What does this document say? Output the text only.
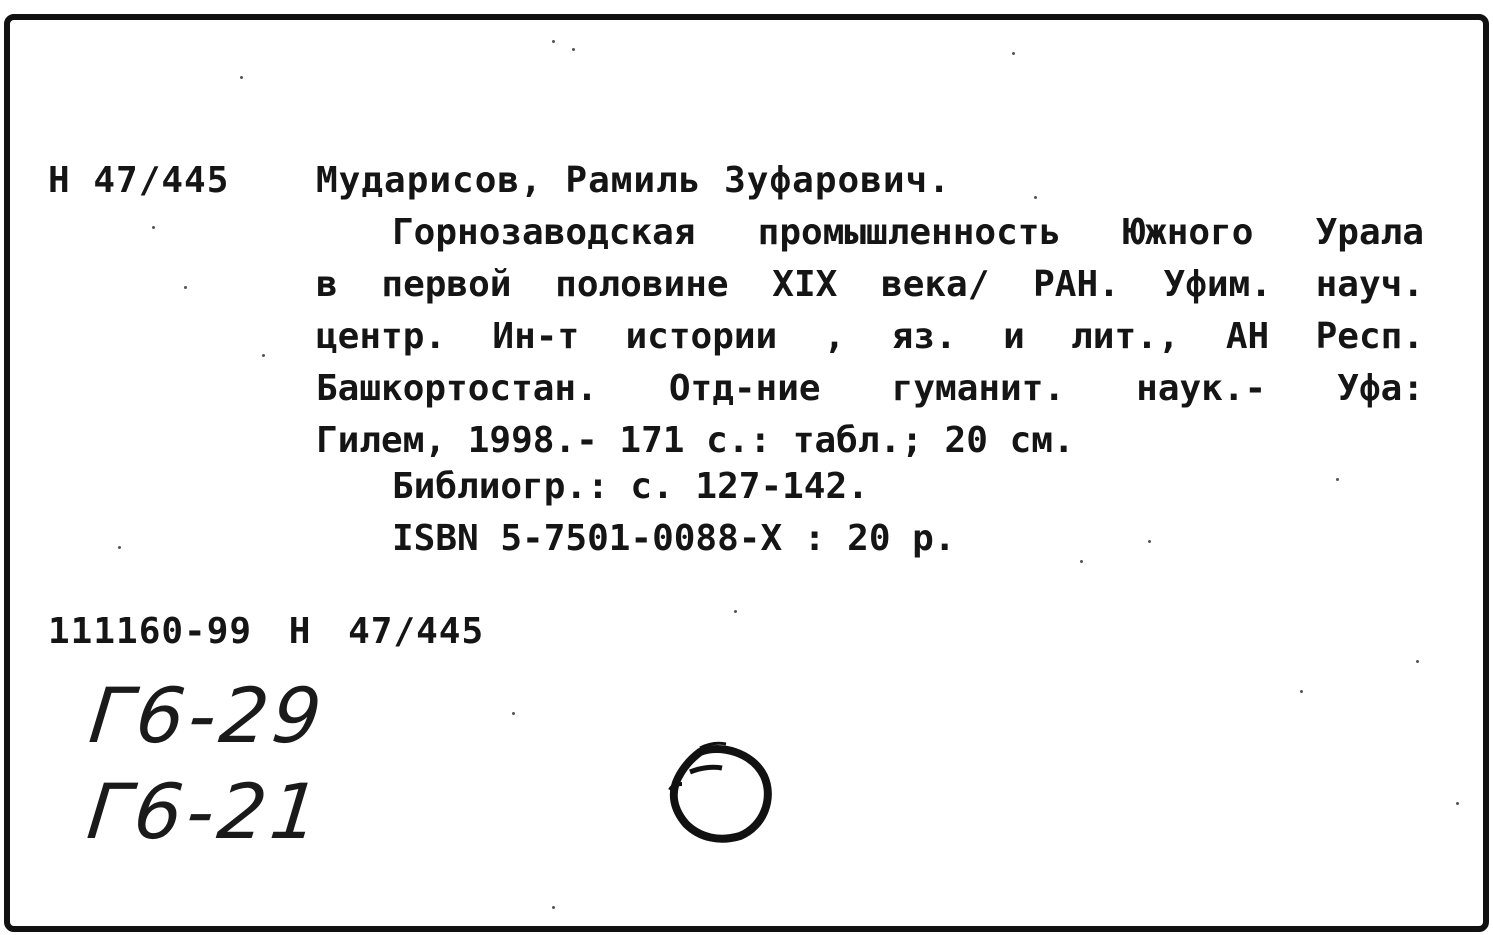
Н 47/445 Мударисов, Рамиль Зуфарович.
Горнозаводская промышленность Южного Урала
в первой половине XIX века/ РАН. Уфим. науч.
центр. Ин-т истории , яз. и лит., АН Респ.
Башкортостан. Отд-ние гуманит. наук.- Уфа:
Гилем, 1998.- 171 с.: табл.; 20 см.
Библиогр.: с. 127-142.
ISBN 5-7501-0088-X : 20 р.
111160-99 Н 47/445
Г6-29
Г6-21
